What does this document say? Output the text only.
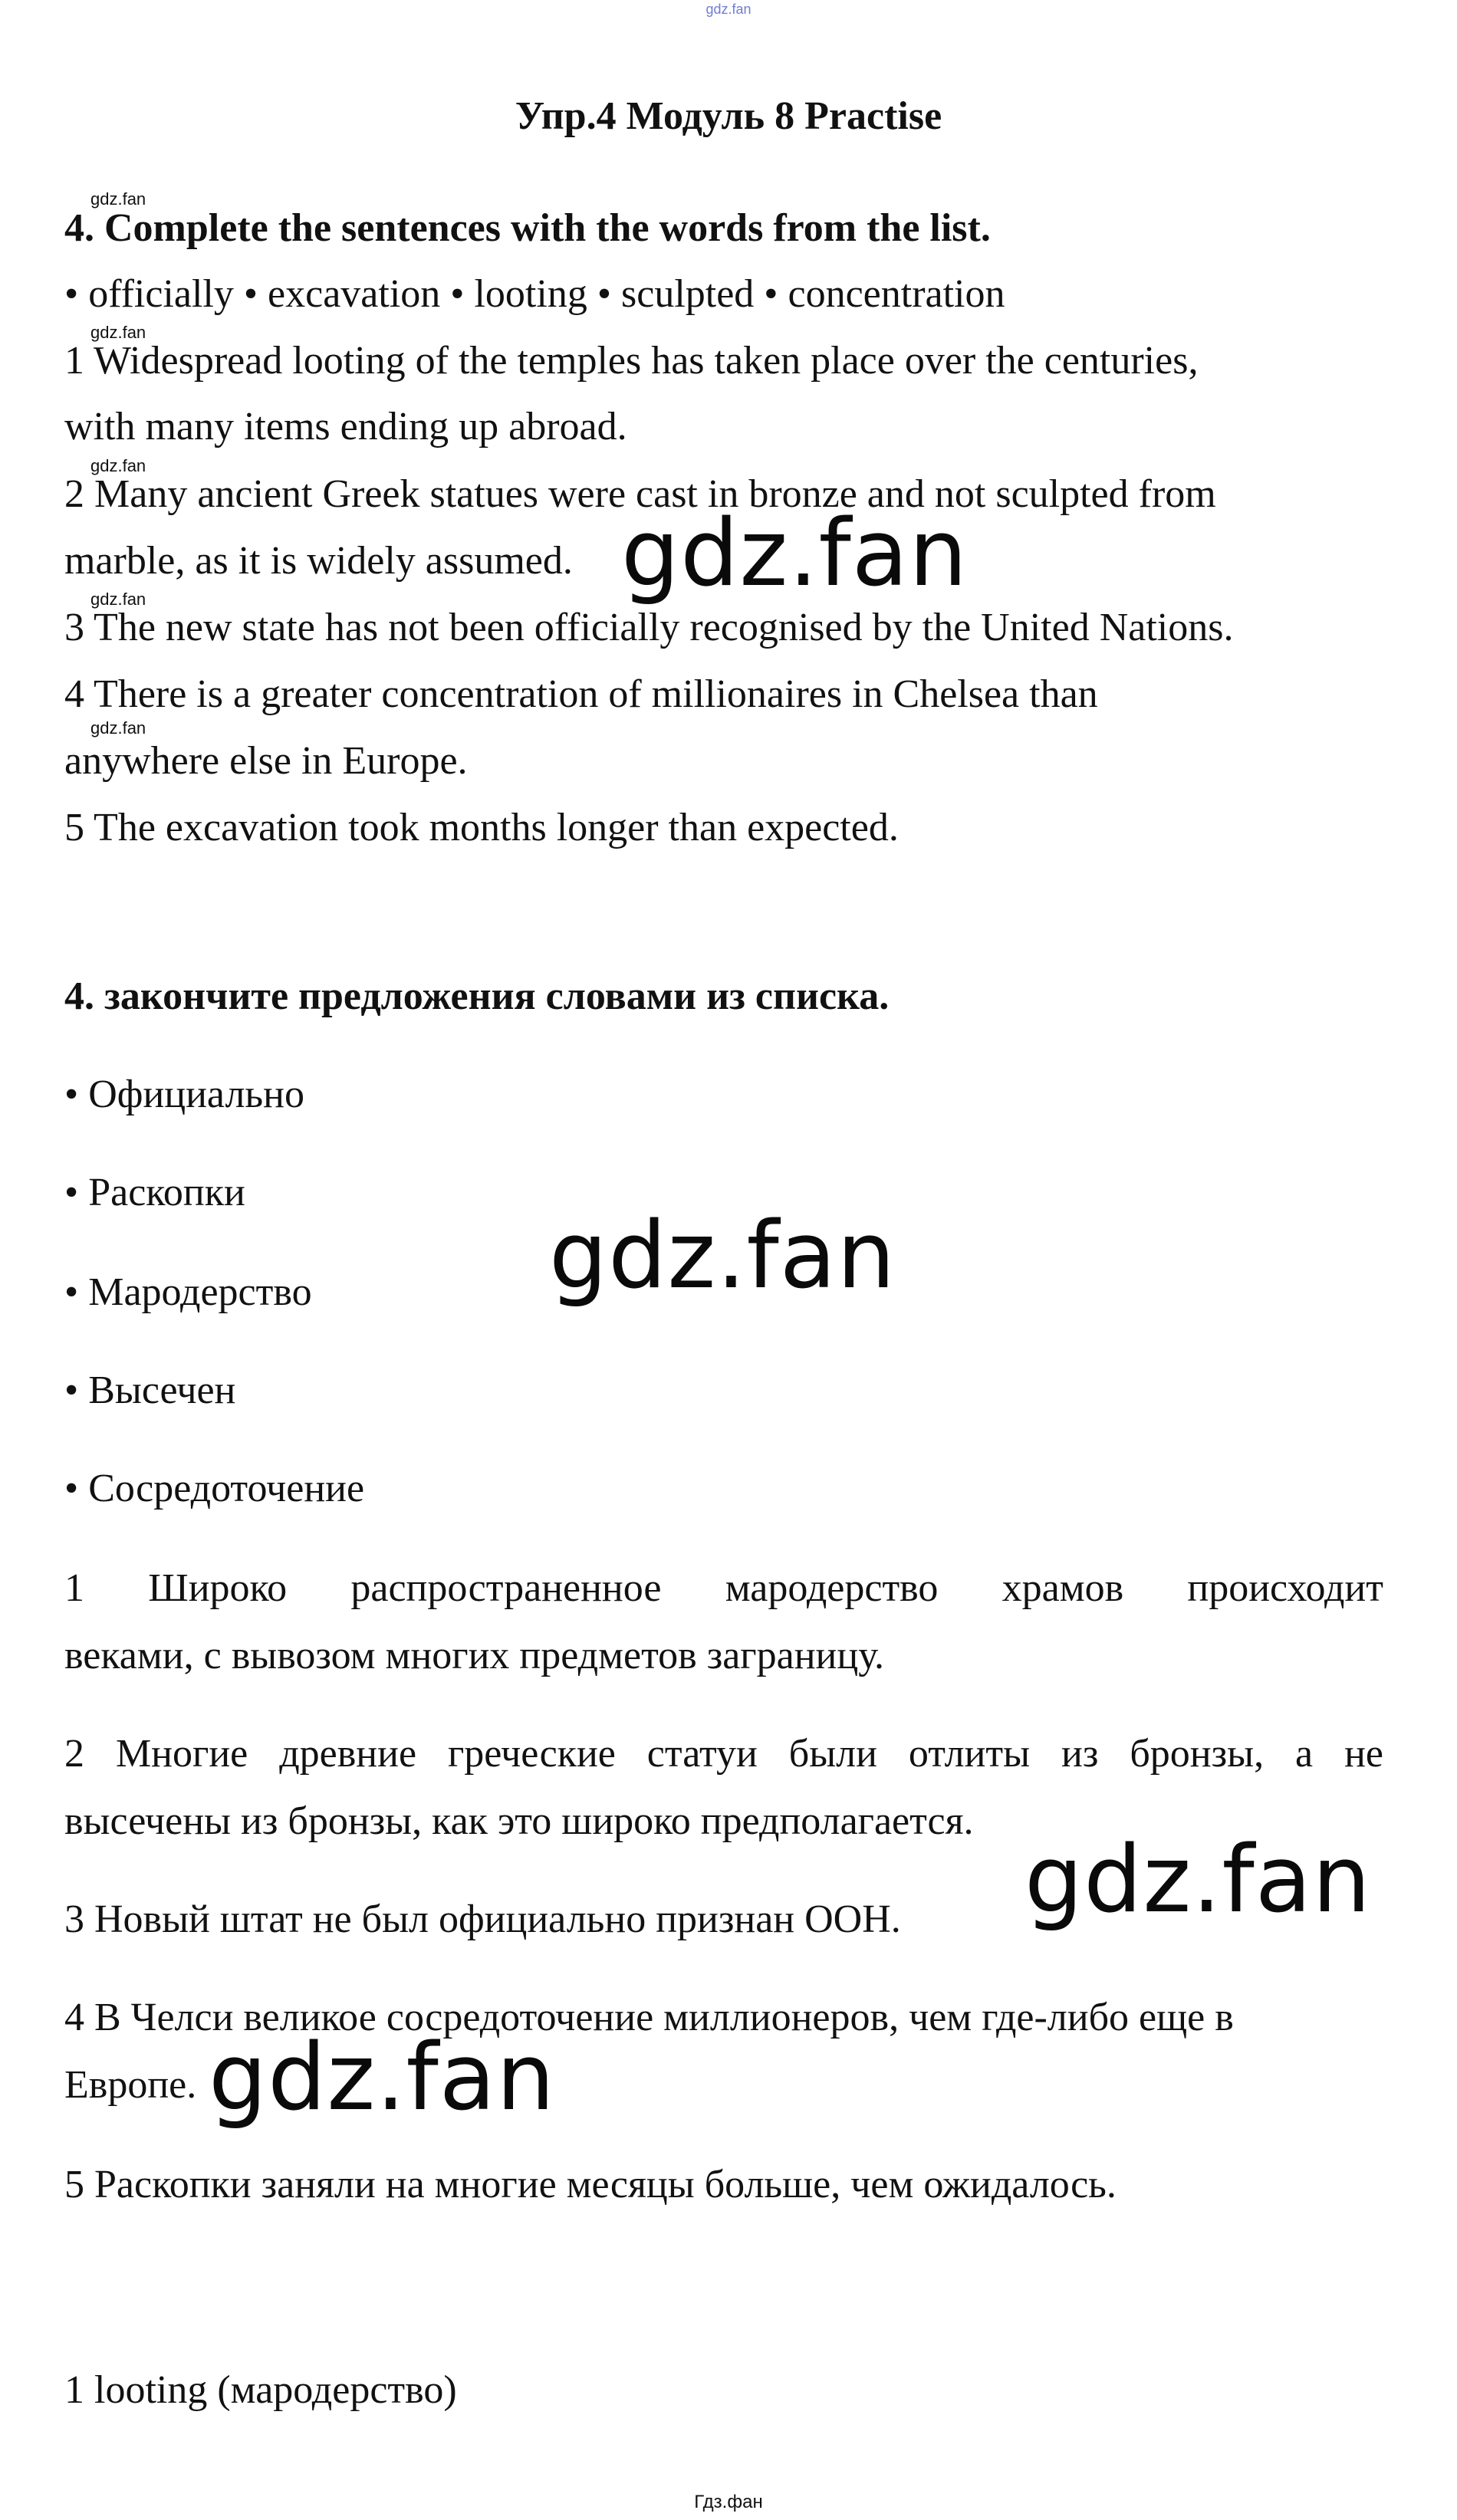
gdz.fan
Упр.4 Модуль 8 Practise
gdz.fan
4. Complete the sentences with the words from the list.
• officially • excavation • looting • sculpted • concentration
gdz.fan
1 Widespread looting of the temples has taken place over the centuries,
with many items ending up abroad.
gdz.fan
2 Many ancient Greek statues were cast in bronze and not sculpted from
marble, as it is widely assumed. gdz.fan
gdz.fan
3 The new state has not been officially recognised by the United Nations.
4 There is a greater concentration of millionaires in Chelsea than
gdz.fan
anywhere else in Europe.
5 The excavation took months longer than expected.
4. закончите предложения словами из списка.
• Официально
• Раскопки
• Мародерство	gdz.fan
• Высечен
• Сосредоточение
1 Широко распространенное мародерство храмов происходит
веками, с вывозом многих предметов заграницу.
2 Многие древние греческие статуи были отлиты из бронзы, а не
высечены из бронзы, как это широко предполагается.
gdz.fan
3 Новый штат не был официально признан ООН.
4 В Челси великое сосредоточение миллионеров, чем где-либо еще в
Европе. gdz.fan
5 Раскопки заняли на многие месяцы больше, чем ожидалось.
1 looting (мародерство)
Гдз.фан
